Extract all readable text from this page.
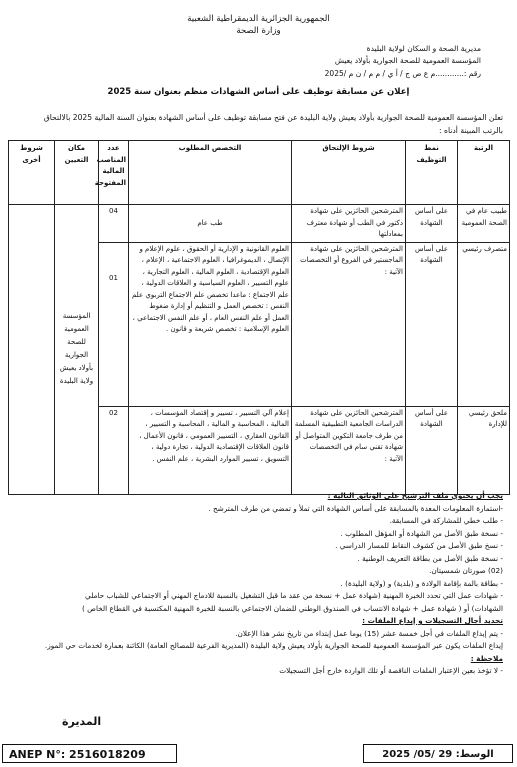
الجمهورية الجزائرية الديمقراطية الشعبية
وزارة الصحة
مديرية الصحة و السكان لولاية البليدة
المؤسسة العمومية للصحة الجوارية بأولاد يعيش
رقم :............م ع ص ج / أ ي / م م / ن م /2025
إعلان عن مسابقة توظيف على أساس الشهادات منظم بعنوان سنة 2025
تعلن المؤسسة العمومية للصحة الجوارية بأولاد يعيش ولاية البليدة عن فتح مسابقة توظيف على أساس الشهادة بعنوان السنة المالية 2025 بالالتحاق
بالرتب المبينة أدناه :
الرتبة	نمط التوظيف	شروط الإلتحاق	التخصص المطلوب	عدد المناصب المالية المفتوحة	مكان التعيين	شروط أخرى
طبيب عام في الصحة العمومية	على أساس الشهادة	المترشحين الحائزين على شهادة دكتور في الطب أو شهادة معترف بمعادلتها	طب عام	04	المؤسسة العمومية للصحة الجوارية بأولاد يعيش ولاية البليدة	
متصرف رئيسي	على أساس الشهادة	المترشحين الحائزين على شهادة الماجستير في الفروع أو التخصصات الآتية :	العلوم القانونية و الإدارية أو الحقوق ، علوم الإعلام و الإتصال ، الديموغرافيا ، العلوم الاجتماعية ، الإعلام ، العلوم الإقتصادية ، العلوم المالية ، العلوم التجارية ، علوم التسيير ، العلوم السياسية و العلاقات الدولية ، علم الاجتماع : ماعدا تخصص علم الاجتماع التربوي علم النفس : تخصص العمل و التنظيم أو إدارة ضغوط العمل أو علم النفس العام ، أو علم النفس الاجتماعي ، العلوم الإسلامية : تخصص شريعة و قانون .	01		
ملحق رئيسي للإدارة	على أساس الشهادة	المترشحين الحائزين على شهادة الدراسات الجامعية التطبيقية المسلمة من طرف جامعة التكوين المتواصل أو شهادة تقني سام في التخصصات الآتية :	إعلام آلي التسيير ، تسيير و إقتصاد المؤسسات ، المالية ، المحاسبة و المالية ، المحاسبة و التسيير ، القانون العقاري ، التسيير العمومي ، قانون الأعمال ، قانون العلاقات الإقتصادية الدولية ، تجارة دولية ، التسويق ، تسيير الموارد البشرية ، علم النفس .	02		
يجب أن يحتوي ملف الترشيح على الوثائق التالية :
-استمارة المعلومات المعدة بالمسابقة على أساس الشهادة التي تملأ و تمضي من طرف المترشح .
- طلب خطي للمشاركة في المسابقة.
- نسخة طبق الأصل من الشهادة أو المؤهل المطلوب .
- نسخ طبق الأصل من كشوف النقاط للمسار الدراسي .
- نسخة طبق الأصل من بطاقة التعريف الوطنية .
(02) صورتان شمسيتان.
- بطاقة بالمة بإقامة الولادة و (بلدية) و (ولاية البليدة) .
- شهادات عمل التي تحدد الخبرة المهنية (شهادة عمل + نسخة من عقد ما قبل التشغيل بالنسبة للادماج المهني أو الاجتماعي للشباب حاملي
الشهادات) أو ( شهادة عمل + شهادة الانتساب في الصندوق الوطني للضمان الاجتماعي بالنسبة للخبرة المهنية المكتسبة في القطاع الخاص )
تحديد أجال التسجيلات و إيداع الملفات :
- يتم إيداع الملفات في أجل خمسة عشر (15) يوما عمل إبتداء من تاريخ نشر هذا الإعلان.
إيداع الملفات يكون عبر المؤسسة العمومية للصحة الجوارية بأولاد يعيش ولاية البليدة (المديرية الفرعية للمصالح العامة) الكائنة بعمارة لخدمات حي الموز.
ملاحظة :
- لا تؤخذ بعين الإعتبار الملفات الناقصة أو تلك الواردة خارج أجل التسجيلات
المديرة
ANEP N°: 2516018209	الوسط: 29 /05/ 2025
